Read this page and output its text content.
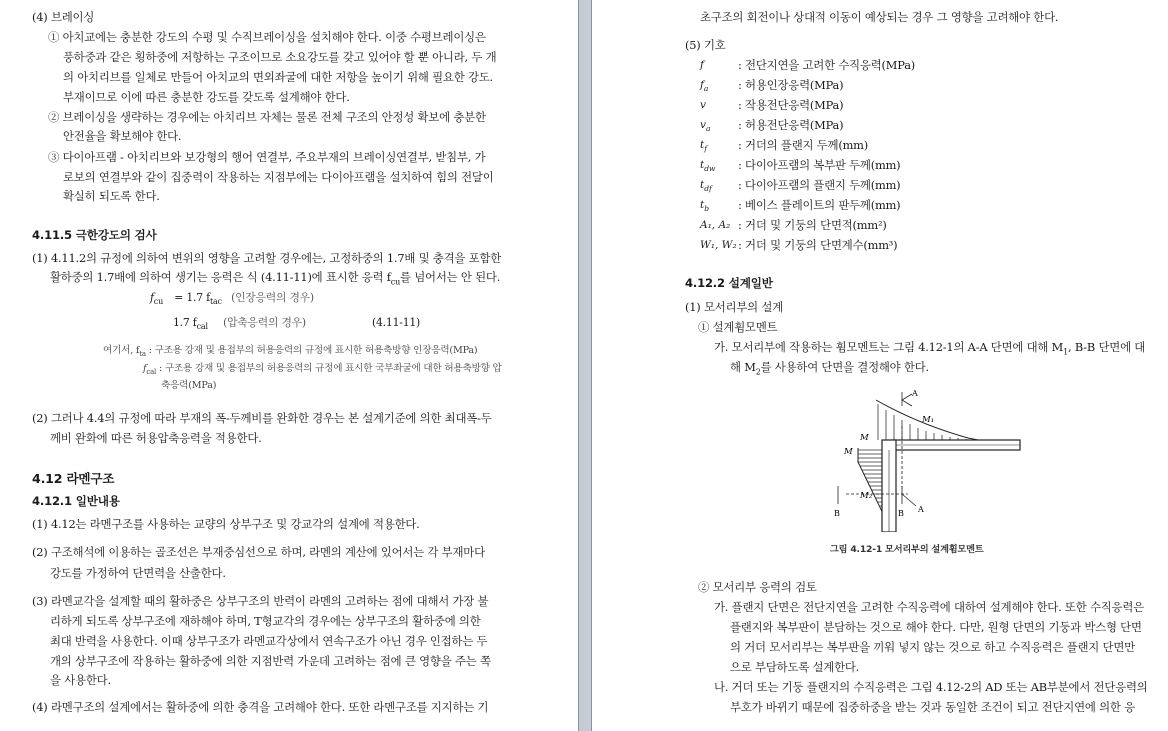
(4) 브레이싱
① 아치교에는 충분한 강도의 수평 및 수직브레이싱을 설치해야 한다. 이중 수평브레이싱은
풍하중과 같은 횡하중에 저항하는 구조이므로 소요강도를 갖고 있어야 할 뿐 아니라, 두 개
의 아치리브를 일체로 만들어 아치교의 면외좌굴에 대한 저항을 높이기 위해 필요한 강도.
부재이므로 이에 따른 충분한 강도를 갖도록 설계해야 한다.
② 브레이싱을 생략하는 경우에는 아치리브 자체는 물론 전체 구조의 안정성 확보에 충분한
안전율을 확보해야 한다.
③ 다이아프램 - 아치리브와 보강형의 행어 연결부, 주요부재의 브레이싱연결부, 받침부, 가
로보의 연결부와 같이 집중력이 작용하는 지점부에는 다이아프램을 설치하여 힘의 전달이
확실히 되도록 한다.
4.11.5 극한강도의 검사
(1) 4.11.2의 규정에 의하여 변위의 영향을 고려할 경우에는, 고정하중의 1.7배 및 충격을 포함한
활하중의 1.7배에 의하여 생기는 응력은 식 (4.11-11)에 표시한 응력 $f_{cu}$를 넘어서는 안 된다.
$f_{cu} = 1.7$ $f_{tac}$ (인장응력의 경우)
1.7 $f_{cal}$ (압축응력의 경우)	(4.11-11)
여기서, $f_{ta}$ : 구조용 강재 및 용접부의 허용응력의 규정에 표시한 허용축방향 인장응력(MPa)
$f_{cal}$ : 구조용 강재 및 용접부의 허용응력의 규정에 표시한 국부좌굴에 대한 허용축방향 압
축응력(MPa)
(2) 그러나 4.4의 규정에 따라 부재의 폭-두께비를 완화한 경우는 본 설계기준에 의한 최대폭-두
께비 완화에 따른 허용압축응력을 적용한다.
4.12 라멘구조
4.12.1 일반내용
(1) 4.12는 라멘구조를 사용하는 교량의 상부구조 및 강교각의 설계에 적용한다.
(2) 구조해석에 이용하는 골조선은 부재중심선으로 하며, 라멘의 계산에 있어서는 각 부재마다
강도를 가정하여 단면력을 산출한다.
(3) 라멘교각을 설계할 때의 활하중은 상부구조의 반력이 라멘의 고려하는 점에 대해서 가장 불
리하게 되도록 상부구조에 재하해야 하며, T형교각의 경우에는 상부구조의 활하중에 의한
최대 반력을 사용한다. 이때 상부구조가 라멘교각상에서 연속구조가 아닌 경우 인접하는 두
개의 상부구조에 작용하는 활하중에 의한 지점반력 가운데 고려하는 점에 큰 영향을 주는 쪽
을 사용한다.
(4) 라멘구조의 설계에서는 활하중에 의한 충격을 고려해야 한다. 또한 라멘구조를 지지하는 기
초구조의 회전이나 상대적 이동이 예상되는 경우 그 영향을 고려해야 한다.
(5) 기호
f	: 전단지연을 고려한 수직응력(MPa)
$f_a$	: 허용인장응력(MPa)
v	: 작용전단응력(MPa)
$v_a$ : 허용전단응력(MPa)
$t_f$	: 거더의 플랜지 두께(mm)
$t_{dw}$ : 다이아프램의 복부판 두께(mm)
$t_{df}$ : 다이아프램의 플랜지 두께(mm)
$t_b$	: 베이스 플레이트의 판두께(mm)
A₁, A₂ : 거더 및 기둥의 단면적(mm²)
W₁, W₂ : 거더 및 기둥의 단면계수(mm³)
4.12.2 설계일반
(1) 모서리부의 설계
① 설계휨모멘트
가. 모서리부에 작용하는 휨모멘트는 그림 4.12-1의 A-A 단면에 대해 $M_1$, B-B 단면에 대
해 $M_2$를 사용하여 단면을 결정해야 한다.
A
A
B	B
M
M
M₁
M₂
그림 4.12-1 모서리부의 설계휨모멘트
② 모서리부 응력의 검토
가. 플랜지 단면은 전단지연을 고려한 수직응력에 대하여 설계해야 한다. 또한 수직응력은
플랜지와 복부판이 분담하는 것으로 해야 한다. 다만, 원형 단면의 기둥과 박스형 단면
의 거더 모서리부는 복부판을 끼워 넣지 않는 것으로 하고 수직응력은 플랜지 단면만
으로 부담하도록 설계한다.
나. 거더 또는 기둥 플랜지의 수직응력은 그림 4.12-2의 AD 또는 AB부분에서 전단응력의
부호가 바뀌기 때문에 집중하중을 받는 것과 동일한 조건이 되고 전단지연에 의한 응
